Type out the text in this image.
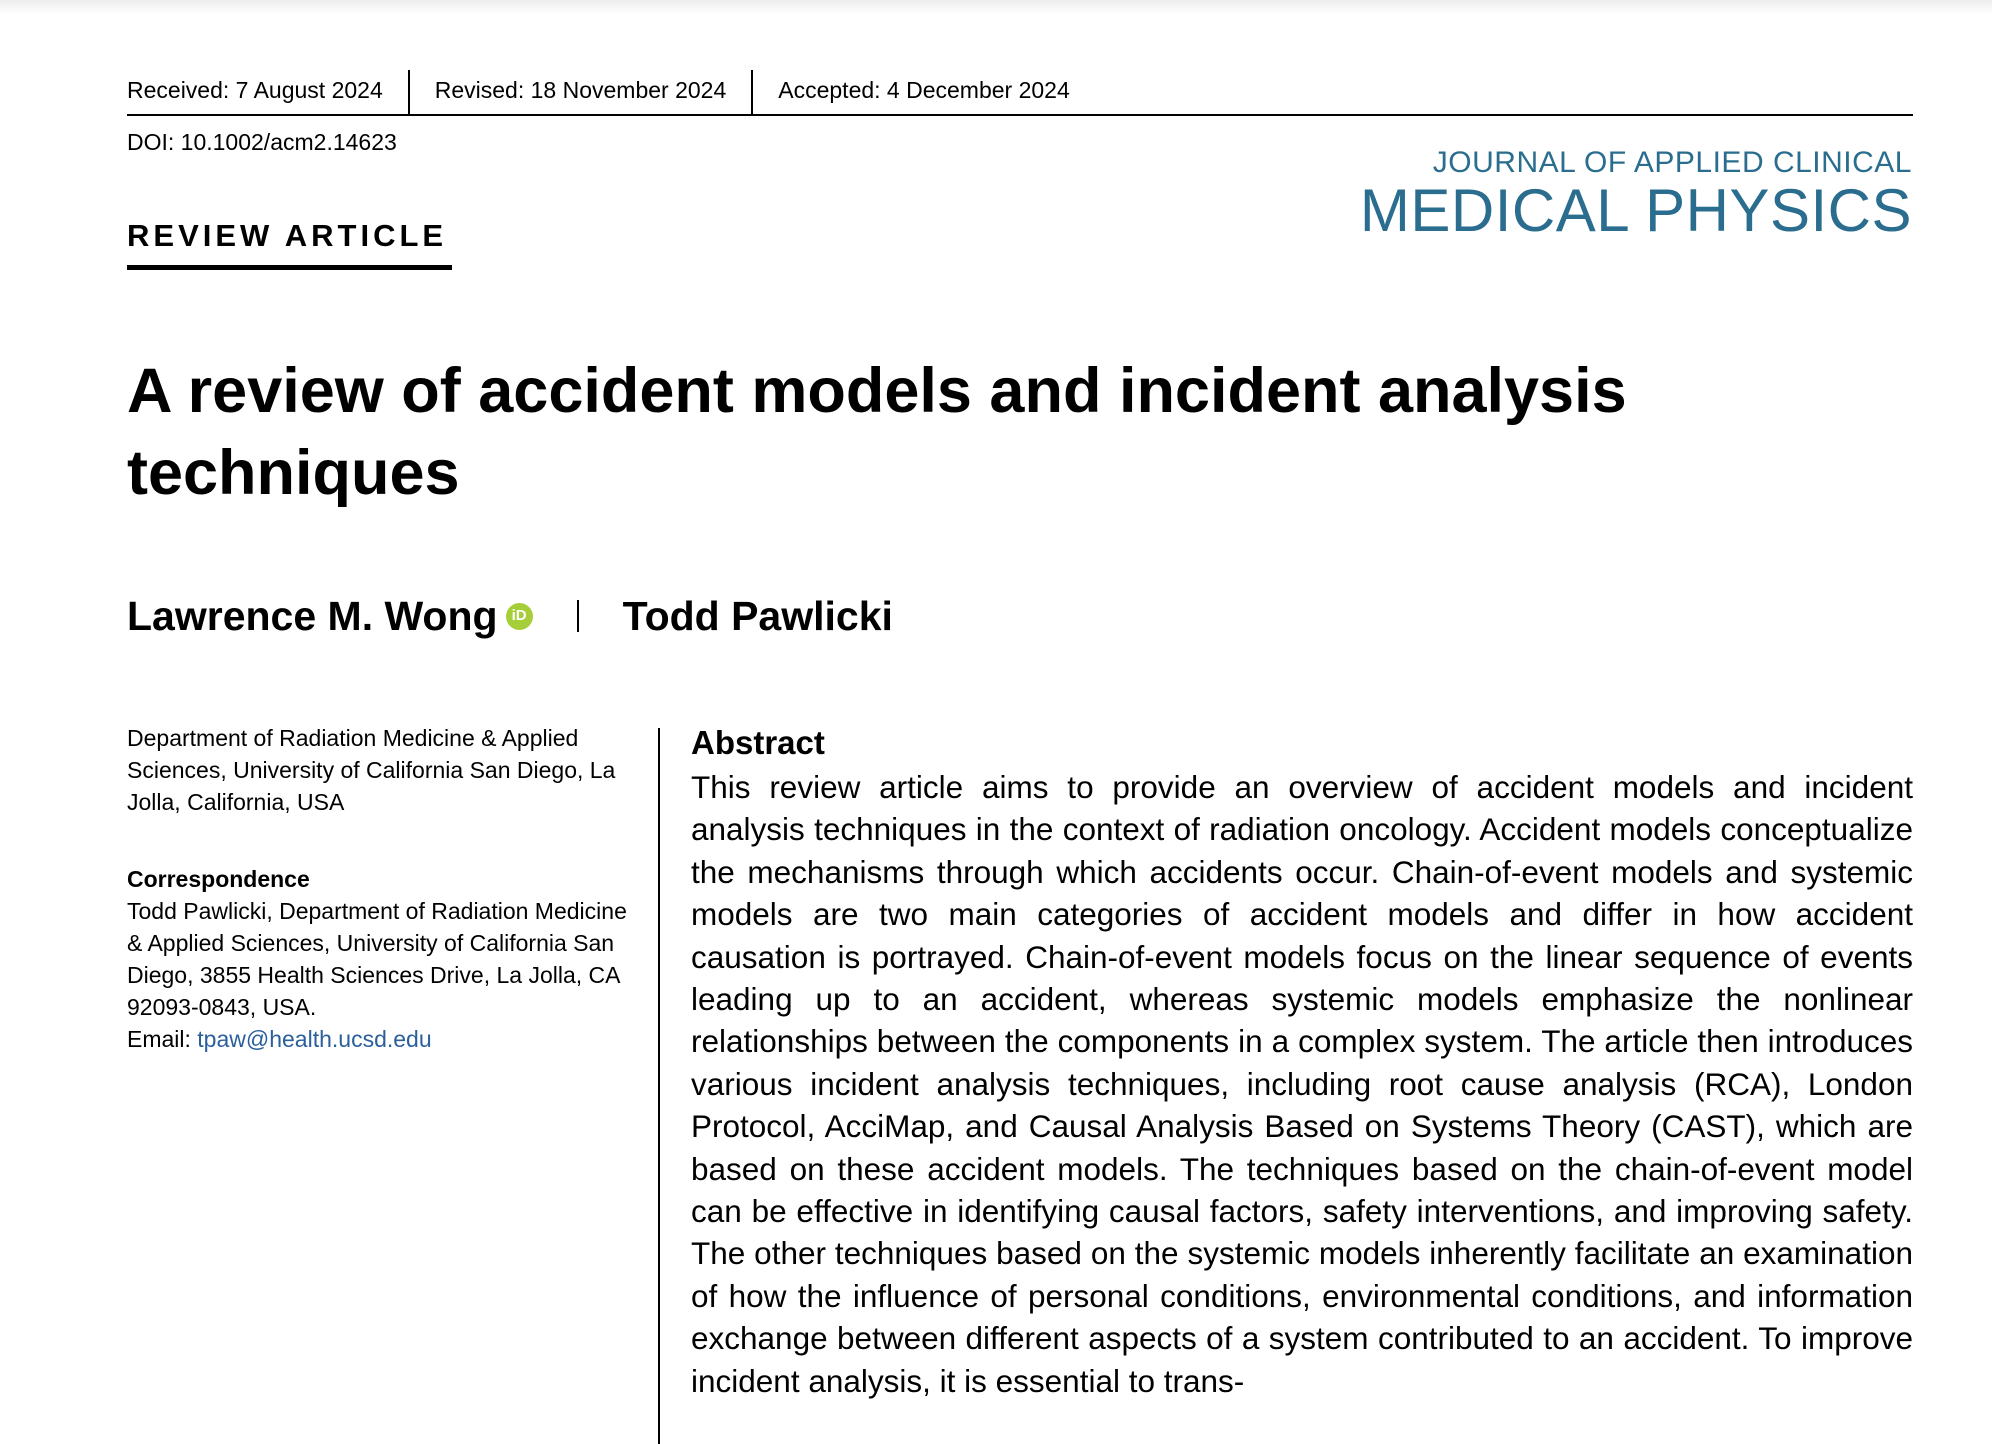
Received: 7 August 2024	Revised: 18 November 2024	Accepted: 4 December 2024
DOI: 10.1002/acm2.14623
REVIEW ARTICLE
JOURNAL OF APPLIED CLINICAL
MEDICAL PHYSICS
A review of accident models and incident analysis techniques
Lawrence M. Wong iD Todd Pawlicki

Department of Radiation Medicine & Applied Sciences, University of California San Diego, La Jolla, California, USA

Correspondence

Todd Pawlicki, Department of Radiation Medicine & Applied Sciences, University of California San Diego, 3855 Health Sciences Drive, La Jolla, CA 92093-0843, USA.

Email: tpaw@health.ucsd.edu

Abstract

This review article aims to provide an overview of accident models and incident analysis techniques in the context of radiation oncology. Accident models conceptualize the mechanisms through which accidents occur. Chain-of-event models and systemic models are two main categories of accident models and differ in how accident causation is portrayed. Chain-of-event models focus on the linear sequence of events leading up to an accident, whereas systemic models emphasize the nonlinear relationships between the components in a complex system. The article then introduces various incident analysis techniques, including root cause analysis (RCA), London Protocol, AcciMap, and Causal Analysis Based on Systems Theory (CAST), which are based on these accident models. The techniques based on the chain-of-event model can be effective in identifying causal factors, safety interventions, and improving safety. The other techniques based on the systemic models inherently facilitate an examination of how the influence of personal conditions, environmental conditions, and information exchange between different aspects of a system contributed to an accident. To improve incident analysis, it is essential to trans-
